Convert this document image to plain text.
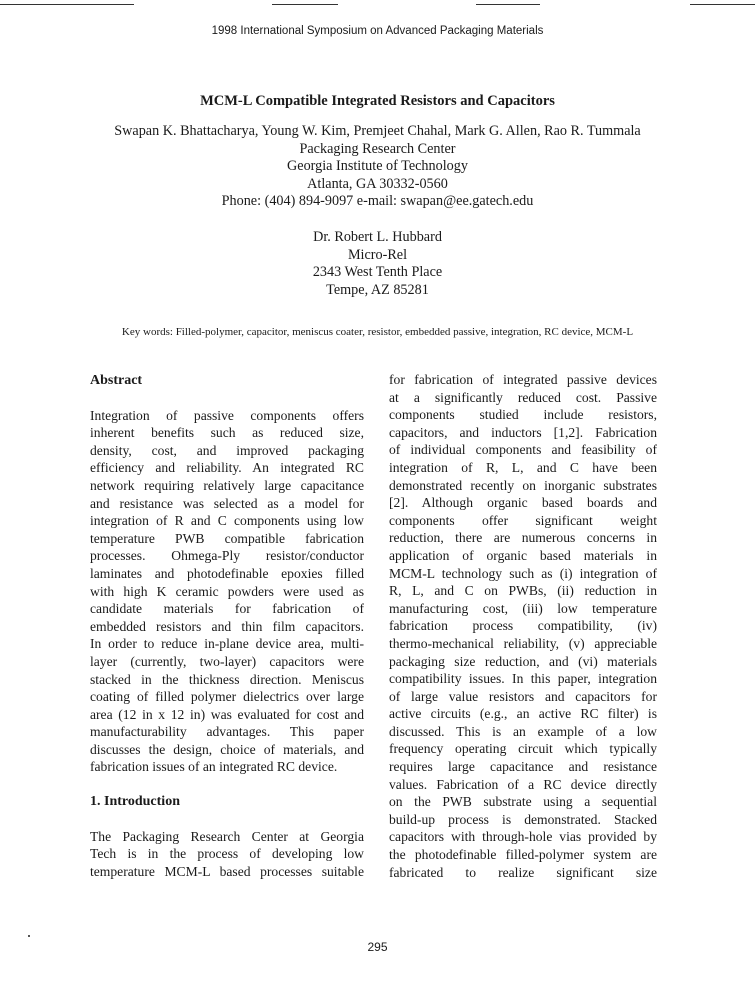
1998 International Symposium on Advanced Packaging Materials
MCM-L Compatible Integrated Resistors and Capacitors
Swapan K. Bhattacharya, Young W. Kim, Premjeet Chahal, Mark G. Allen, Rao R. Tummala
Packaging Research Center
Georgia Institute of Technology
Atlanta, GA 30332-0560
Phone: (404) 894-9097 e-mail: swapan@ee.gatech.edu
Dr. Robert L. Hubbard
Micro-Rel
2343 West Tenth Place
Tempe, AZ 85281
Key words: Filled-polymer, capacitor, meniscus coater, resistor, embedded passive, integration, RC device, MCM-L

Abstract

Integration of passive components offers
inherent benefits such as reduced size,
density, cost, and improved packaging
efficiency and reliability. An integrated RC
network requiring relatively large capacitance
and resistance was selected as a model for
integration of R and C components using low
temperature PWB compatible fabrication
processes. Ohmega-Ply resistor/conductor
laminates and photodefinable epoxies filled
with high K ceramic powders were used as
candidate materials for fabrication of
embedded resistors and thin film capacitors.
In order to reduce in-plane device area, multi-
layer (currently, two-layer) capacitors were
stacked in the thickness direction. Meniscus
coating of filled polymer dielectrics over large
area (12 in x 12 in) was evaluated for cost and
manufacturability advantages. This paper
discusses the design, choice of materials, and
fabrication issues of an integrated RC device.

1. Introduction

The Packaging Research Center at Georgia
Tech is in the process of developing low
temperature MCM-L based processes suitable
for fabrication of integrated passive devices
at a significantly reduced cost. Passive
components studied include resistors,
capacitors, and inductors [1,2]. Fabrication
of individual components and feasibility of
integration of R, L, and C have been
demonstrated recently on inorganic substrates
[2]. Although organic based boards and
components offer significant weight
reduction, there are numerous concerns in
application of organic based materials in
MCM-L technology such as (i) integration of
R, L, and C on PWBs, (ii) reduction in
manufacturing cost, (iii) low temperature
fabrication process compatibility, (iv)
thermo-mechanical reliability, (v) appreciable
packaging size reduction, and (vi) materials
compatibility issues. In this paper, integration
of large value resistors and capacitors for
active circuits (e.g., an active RC filter) is
discussed. This is an example of a low
frequency operating circuit which typically
requires large capacitance and resistance
values. Fabrication of a RC device directly
on the PWB substrate using a sequential
build-up process is demonstrated. Stacked
capacitors with through-hole vias provided by
the photodefinable filled-polymer system are
fabricated to realize significant size
295
